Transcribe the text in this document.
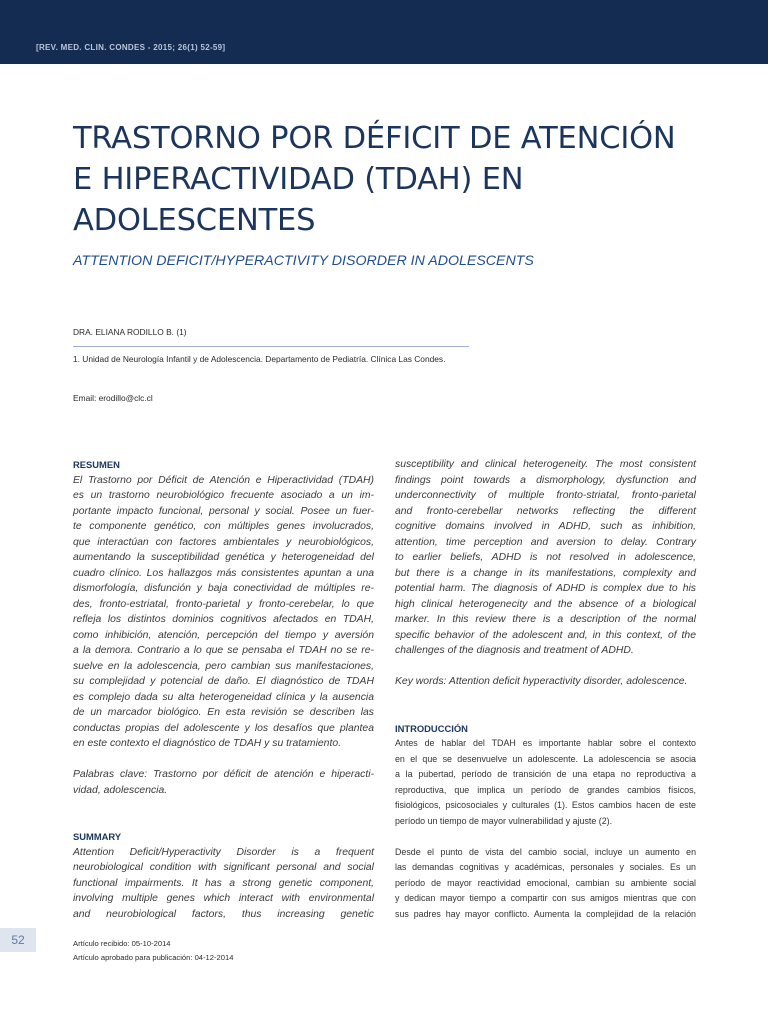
[REV. MED. CLIN. CONDES - 2015; 26(1) 52-59]
TRASTORNO POR DÉFICIT DE ATENCIÓN
E HIPERACTIVIDAD (TDAH) EN
ADOLESCENTES
ATTENTION DEFICIT/HYPERACTIVITY DISORDER IN ADOLESCENTS
DRA. ELIANA RODILLO B. (1)
1. Unidad de Neurología Infantil y de Adolescencia. Departamento de Pediatría. Clínica Las Condes.
Email: erodillo@clc.cl
RESUMEN
El Trastorno por Déficit de Atención e Hiperactividad (TDAH)
es un trastorno neurobiológico frecuente asociado a un im-
portante impacto funcional, personal y social. Posee un fuer-
te componente genético, con múltiples genes involucrados,
que interactúan con factores ambientales y neurobiológicos,
aumentando la susceptibilidad genética y heterogeneidad del
cuadro clínico. Los hallazgos más consistentes apuntan a una
dismorfología, disfunción y baja conectividad de múltiples re-
des, fronto-estriatal, fronto-parietal y fronto-cerebelar, lo que
refleja los distintos dominios cognitivos afectados en TDAH,
como inhibición, atención, percepción del tiempo y aversión
a la demora. Contrario a lo que se pensaba el TDAH no se re-
suelve en la adolescencia, pero cambian sus manifestaciones,
su complejidad y potencial de daño. El diagnóstico de TDAH
es complejo dada su alta heterogeneidad clínica y la ausencia
de un marcador biológico. En esta revisión se describen las
conductas propias del adolescente y los desafíos que plantea
en este contexto el diagnóstico de TDAH y su tratamiento.
Palabras clave: Trastorno por déficit de atención e hiperacti-
vidad, adolescencia.
SUMMARY
Attention Deficit/Hyperactivity Disorder is a frequent
neurobiological condition with significant personal and social
functional impairments. It has a strong genetic component,
involving multiple genes which interact with environmental
and neurobiological factors, thus increasing genetic
susceptibility and clinical heterogeneity. The most consistent
findings point towards a dismorphology, dysfunction and
underconnectivity of multiple fronto-striatal, fronto-parietal
and fronto-cerebellar networks reflecting the different
cognitive domains involved in ADHD, such as inhibition,
attention, time perception and aversion to delay. Contrary
to earlier beliefs, ADHD is not resolved in adolescence,
but there is a change in its manifestations, complexity and
potential harm. The diagnosis of ADHD is complex due to his
high clinical heterogenecity and the absence of a biological
marker. In this review there is a description of the normal
specific behavior of the adolescent and, in this context, of the
challenges of the diagnosis and treatment of ADHD.
Key words: Attention deficit hyperactivity disorder, adolescence.
INTRODUCCIÓN
Antes de hablar del TDAH es importante hablar sobre el contexto
en el que se desenvuelve un adolescente. La adolescencia se asocia
a la pubertad, período de transición de una etapa no reproductiva a
reproductiva, que implica un período de grandes cambios físicos,
fisiológicos, psicosociales y culturales (1). Estos cambios hacen de este
período un tiempo de mayor vulnerabilidad y ajuste (2).
Desde el punto de vista del cambio social, incluye un aumento en
las demandas cognitivas y académicas, personales y sociales. Es un
período de mayor reactividad emocional, cambian su ambiente social
y dedican mayor tiempo a compartir con sus amigos mientras que con
sus padres hay mayor conflicto. Aumenta la complejidad de la relación
52	Artículo recibido: 05-10-2014
Artículo aprobado para publicación: 04-12-2014
